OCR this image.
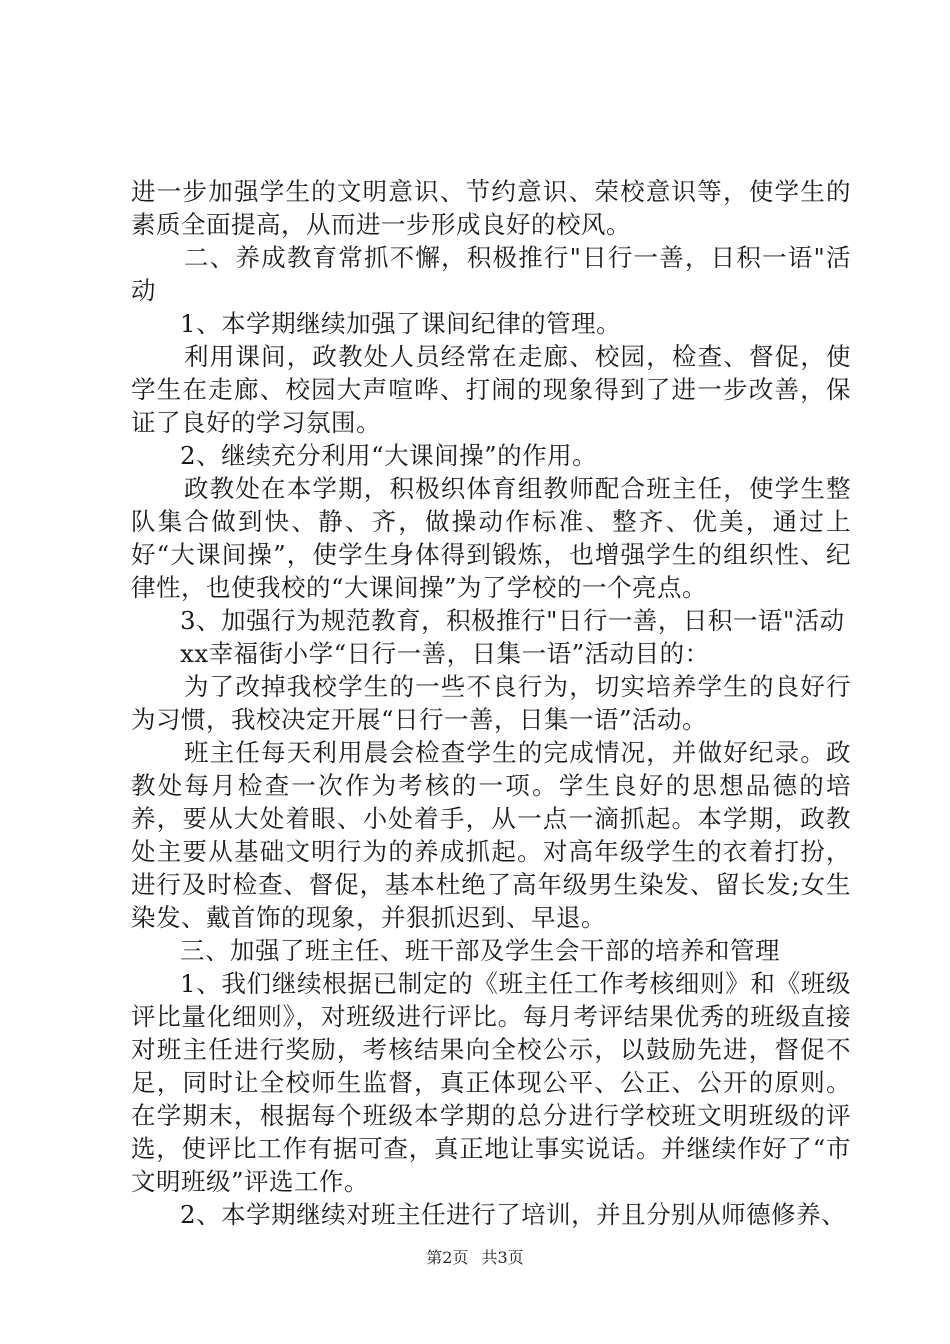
进一步加强学生的文明意识、节约意识、荣校意识等，使学生的素质全面提高，从而进一步形成良好的校风。

二、养成教育常抓不懈，积极推行"日行一善，日积一语"活动

1、本学期继续加强了课间纪律的管理。

利用课间，政教处人员经常在走廊、校园，检查、督促，使学生在走廊、校园大声喧哗、打闹的现象得到了进一步改善，保证了良好的学习氛围。

2、继续充分利用“大课间操”的作用。

政教处在本学期，积极织体育组教师配合班主任，使学生整队集合做到快、静、齐，做操动作标准、整齐、优美，通过上好“大课间操”，使学生身体得到锻炼，也增强学生的组织性、纪律性，也使我校的“大课间操”为了学校的一个亮点。

3、加强行为规范教育，积极推行"日行一善，日积一语"活动

xx幸福街小学“日行一善，日集一语”活动目的：

为了改掉我校学生的一些不良行为，切实培养学生的良好行为习惯，我校决定开展“日行一善，日集一语”活动。

班主任每天利用晨会检查学生的完成情况，并做好纪录。政教处每月检查一次作为考核的一项。学生良好的思想品德的培养，要从大处着眼、小处着手，从一点一滴抓起。本学期，政教处主要从基础文明行为的养成抓起。对高年级学生的衣着打扮，进行及时检查、督促，基本杜绝了高年级男生染发、留长发;女生染发、戴首饰的现象，并狠抓迟到、早退。

三、加强了班主任、班干部及学生会干部的培养和管理

1、我们继续根据已制定的《班主任工作考核细则》和《班级评比量化细则》，对班级进行评比。每月考评结果优秀的班级直接对班主任进行奖励，考核结果向全校公示，以鼓励先进，督促不足，同时让全校师生监督，真正体现公平、公正、公开的原则。在学期末，根据每个班级本学期的总分进行学校班文明班级的评选，使评比工作有据可查，真正地让事实说话。并继续作好了“市文明班级”评选工作。

2、本学期继续对班主任进行了培训，并且分别从师德修养、

第2页 共3页
